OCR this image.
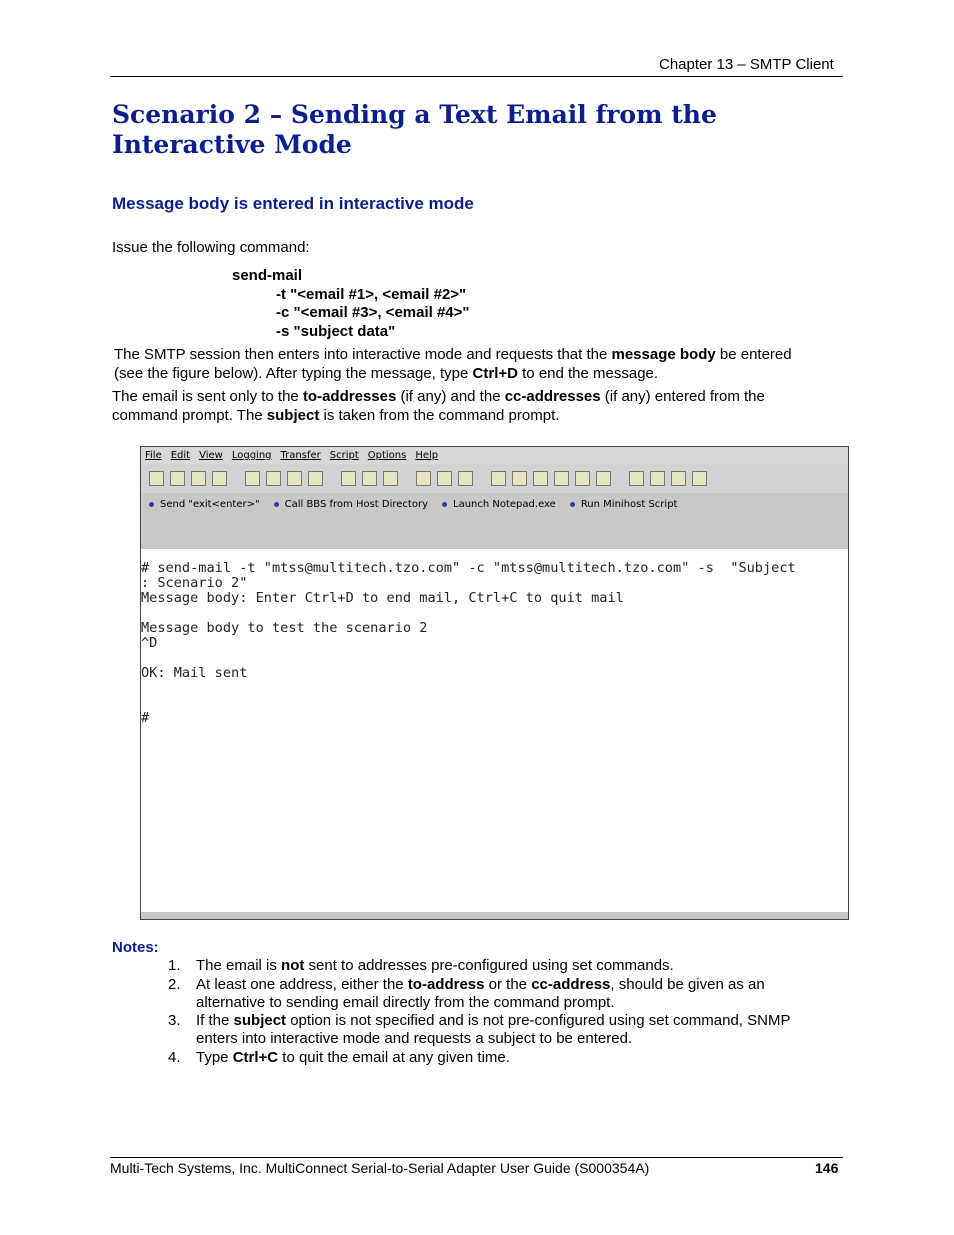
Chapter 13 – SMTP Client
Scenario 2 – Sending a Text Email from the Interactive Mode
Message body is entered in interactive mode
Issue the following command:
send-mail
-t "<email #1>, <email #2>"
-c "<email #3>, <email #4>"
-s "subject data"
The SMTP session then enters into interactive mode and requests that the message body be entered
(see the figure below). After typing the message, type Ctrl+D to end the message.
The email is sent only to the to-addresses (if any) and the cc-addresses (if any) entered from the
command prompt. The subject is taken from the command prompt.
File Edit View Logging Transfer Script Options Help
Send "exit<enter>"	Call BBS from Host Directory	Launch Notepad.exe	Run Minihost Script
# send-mail -t "mtss@multitech.tzo.com" -c "mtss@multitech.tzo.com" -s  "Subject
: Scenario 2"
Message body: Enter Ctrl+D to end mail, Ctrl+C to quit mail
Message body to test the scenario 2
^D
OK: Mail sent
#
Notes:
1. The email is not sent to addresses pre-configured using set commands.
2. At least one address, either the to-address or the cc-address, should be given as an alternative to sending email directly from the command prompt.
3. If the subject option is not specified and is not pre-configured using set command, SNMP enters into interactive mode and requests a subject to be entered.
4. Type Ctrl+C to quit the email at any given time.
Multi-Tech Systems, Inc. MultiConnect Serial-to-Serial Adapter User Guide (S000354A)	146
